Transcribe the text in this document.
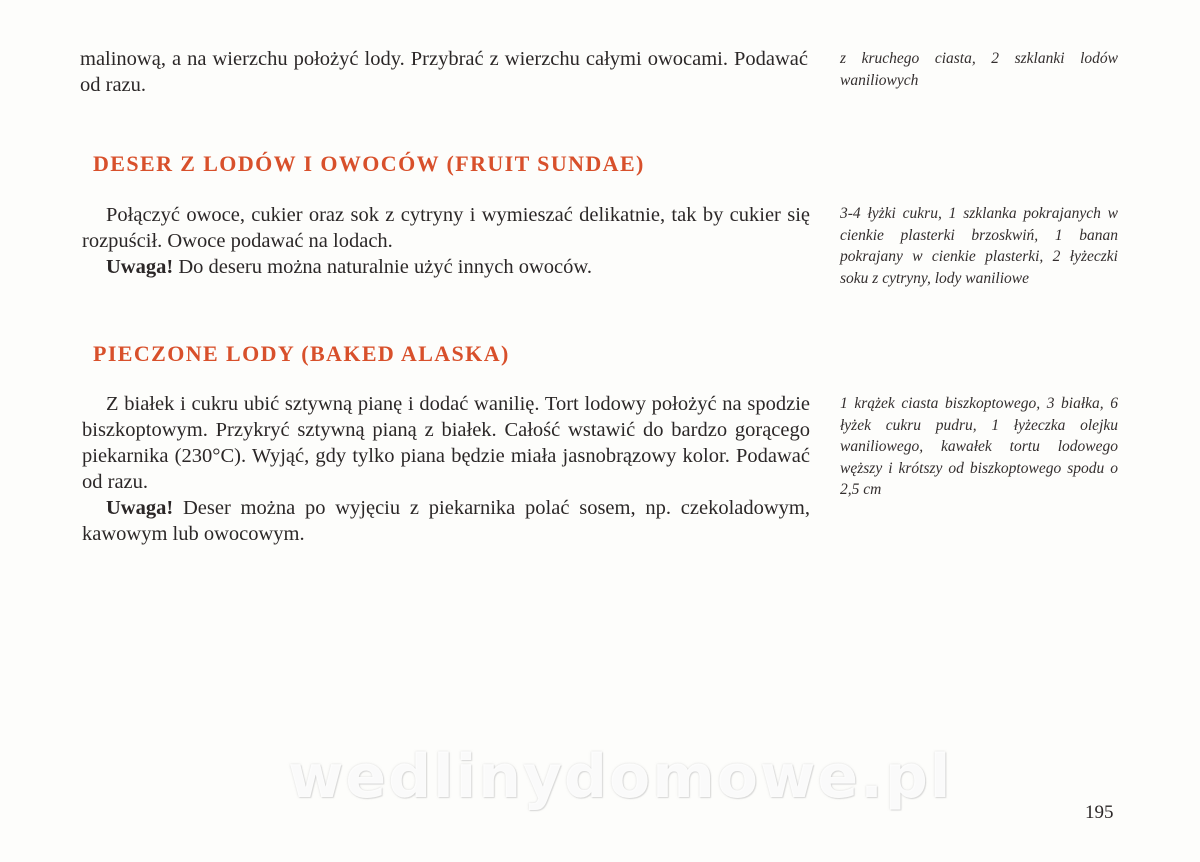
malinową, a na wierzchu położyć lody. Przybrać z wierzchu całymi owocami. Podawać od razu.

z kruchego ciasta, 2 szklanki lodów waniliowych

DESER Z LODÓW I OWOCÓW (FRUIT SUNDAE)

Połączyć owoce, cukier oraz sok z cytryny i wymieszać delikatnie, tak by cukier się rozpuścił. Owoce podawać na lodach.

Uwaga! Do deseru można naturalnie użyć innych owoców.

3-4 łyżki cukru, 1 szklanka pokrajanych w cienkie plasterki brzoskwiń, 1 banan pokrajany w cienkie plasterki, 2 łyżeczki soku z cytryny, lody waniliowe

PIECZONE LODY (BAKED ALASKA)

Z białek i cukru ubić sztywną pianę i dodać wanilię. Tort lodowy położyć na spodzie biszkoptowym. Przykryć sztywną pianą z białek. Całość wstawić do bardzo gorącego piekarnika (230°C). Wyjąć, gdy tylko piana będzie miała jasnobrązowy kolor. Podawać od razu.

Uwaga! Deser można po wyjęciu z piekarnika polać sosem, np. czekoladowym, kawowym lub owocowym.

1 krążek ciasta biszkoptowego, 3 białka, 6 łyżek cukru pudru, 1 łyżeczka olejku waniliowego, kawałek tortu lodowego węższy i krótszy od biszkoptowego spodu o 2,5 cm

wedlinydomowe.pl
195
